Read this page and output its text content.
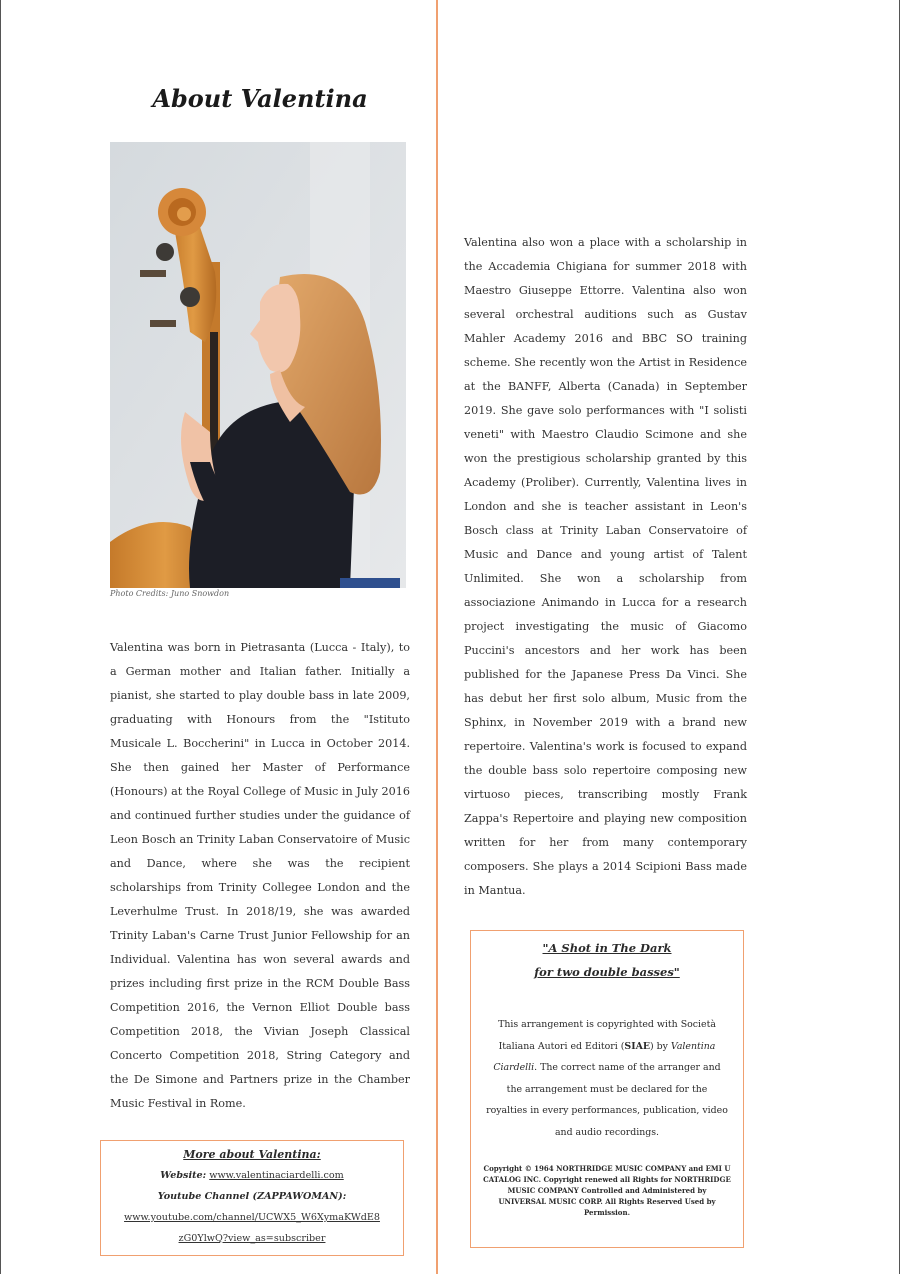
About Valentina
Photo Credits: Juno Snowdon

Valentina was born in Pietrasanta (Lucca - Italy), to a German mother and Italian father. Initially a pianist, she started to play double bass in late 2009, graduating with Honours from the "Istituto Musicale L. Boccherini" in Lucca in October 2014. She then gained her Master of Performance (Honours) at the Royal College of Music in July 2016 and continued further studies under the guidance of Leon Bosch an Trinity Laban Conservatoire of Music and Dance, where she was the recipient scholarships from Trinity Collegee London and the Leverhulme Trust. In 2018/19, she was awarded Trinity Laban's Carne Trust Junior Fellowship for an Individual. Valentina has won several awards and prizes including first prize in the RCM Double Bass Competition 2016, the Vernon Elliot Double bass Competition 2018, the Vivian Joseph Classical Concerto Competition 2018, String Category and the De Simone and Partners prize in the Chamber Music Festival in Rome.

Valentina also won a place with a scholarship in the Accademia Chigiana for summer 2018 with Maestro Giuseppe Ettorre. Valentina also won several orchestral auditions such as Gustav Mahler Academy 2016 and BBC SO training scheme. She recently won the Artist in Residence at the BANFF, Alberta (Canada) in September 2019. She gave solo performances with "I solisti veneti" with Maestro Claudio Scimone and she won the prestigious scholarship granted by this Academy (Proliber). Currently, Valentina lives in London and she is teacher assistant in Leon's Bosch class at Trinity Laban Conservatoire of Music and Dance and young artist of Talent Unlimited. She won a scholarship from associazione Animando in Lucca for a research project investigating the music of Giacomo Puccini's ancestors and her work has been published for the Japanese Press Da Vinci. She has debut her first solo album, Music from the Sphinx, in November 2019 with a brand new repertoire. Valentina's work is focused to expand the double bass solo repertoire composing new virtuoso pieces, transcribing mostly Frank Zappa's Repertoire and playing new composition written for her from many contemporary composers. She plays a 2014 Scipioni Bass made in Mantua.

More about Valentina:
Website: www.valentinaciardelli.com
Youtube Channel (ZAPPAWOMAN):
www.youtube.com/channel/UCWX5_W6XymaKWdE8
zG0YlwQ?view_as=subscriber
"A Shot in The Dark
for two double basses"
This arrangement is copyrighted with Società Italiana Autori ed Editori (SIAE) by Valentina Ciardelli. The correct name of the arranger and the arrangement must be declared for the royalties in every performances, publication, video and audio recordings.
Copyright © 1964 NORTHRIDGE MUSIC COMPANY and EMI U CATALOG INC. Copyright renewed all Rights for NORTHRIDGE MUSIC COMPANY Controlled and Administered by UNIVERSAL MUSIC CORP. All Rights Reserved Used by Permission.
